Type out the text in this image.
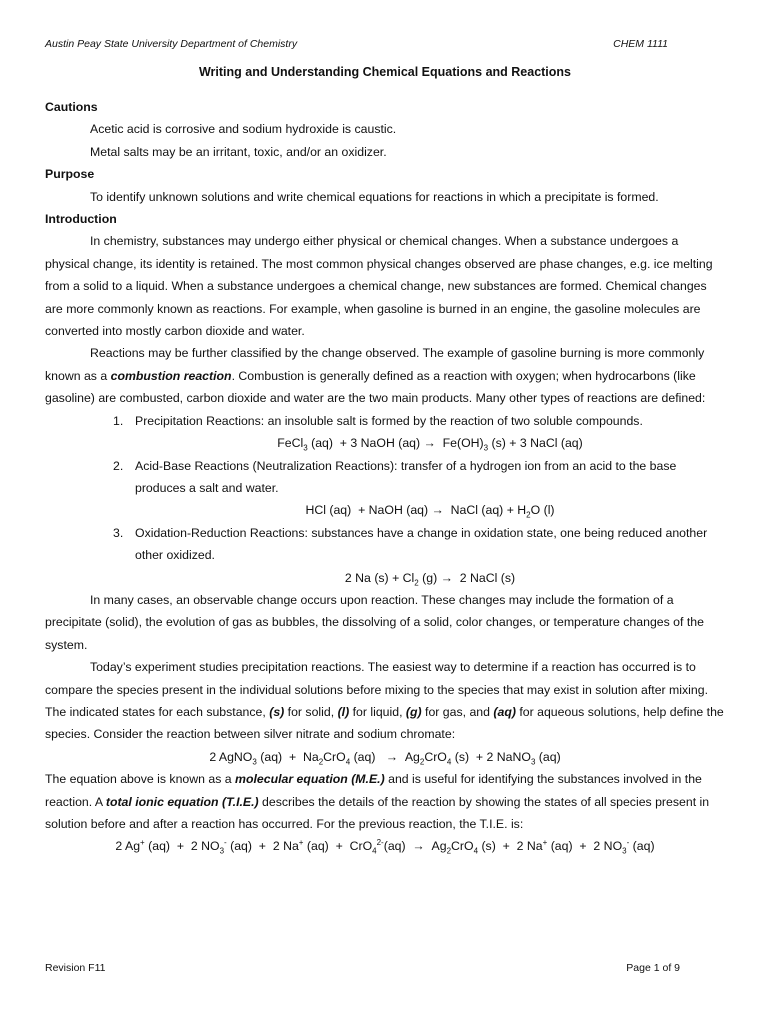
Austin Peay State University Department of Chemistry	CHEM 1111
Writing and Understanding Chemical Equations and Reactions
Cautions
Acetic acid is corrosive and sodium hydroxide is caustic.
Metal salts may be an irritant, toxic, and/or an oxidizer.
Purpose
To identify unknown solutions and write chemical equations for reactions in which a precipitate is formed.
Introduction
In chemistry, substances may undergo either physical or chemical changes. When a substance undergoes a physical change, its identity is retained. The most common physical changes observed are phase changes, e.g. ice melting from a solid to a liquid. When a substance undergoes a chemical change, new substances are formed. Chemical changes are more commonly known as reactions. For example, when gasoline is burned in an engine, the gasoline molecules are converted into mostly carbon dioxide and water.
Reactions may be further classified by the change observed. The example of gasoline burning is more commonly known as a combustion reaction. Combustion is generally defined as a reaction with oxygen; when hydrocarbons (like gasoline) are combusted, carbon dioxide and water are the two main products. Many other types of reactions are defined:
1. Precipitation Reactions: an insoluble salt is formed by the reaction of two soluble compounds.
FeCl$_3$ (aq)  + 3 NaOH $(aq) \to Fe(OH)_3$ (s) + 3 NaCl (aq)
2. Acid-Base Reactions (Neutralization Reactions): transfer of a hydrogen ion from an acid to the base produces a salt and water.
HCl (aq)  + NaOH (aq) →  NaCl $(aq) + H_2O$ (l)
3. Oxidation-Reduction Reactions: substances have a change in oxidation state, one being reduced another other oxidized.
2 Na $(s) + Cl_2$ (g) →  2 NaCl (s)
In many cases, an observable change occurs upon reaction. These changes may include the formation of a precipitate (solid), the evolution of gas as bubbles, the dissolving of a solid, color changes, or temperature changes of the system.
Today’s experiment studies precipitation reactions. The easiest way to determine if a reaction has occurred is to compare the species present in the individual solutions before mixing to the species that may exist in solution after mixing. The indicated states for each substance, (s) for solid, (l) for liquid, (g) for gas, and (aq) for aqueous solutions, help define the species. Consider the reaction between silver nitrate and sodium chromate:
2 AgNO$_3$ $(aq) + Na_2CrO_4$ $(aq) \to Ag_2CrO_4$ (s)  + 2 NaNO$_3$ (aq)
The equation above is known as a molecular equation (M.E.) and is useful for identifying the substances involved in the reaction. A total ionic equation (T.I.E.) describes the details of the reaction by showing the states of all species present in solution before and after a reaction has occurred. For the previous reaction, the T.I.E. is:
2 Ag+ (aq)  +  2 $NO_3^-$ (aq)  +  2 Na+ $(aq) + CrO_4^{2-}(aq) \to Ag_2CrO_4$ (s)  +  2 Na+ (aq)  +  2 $NO_3^-$ (aq)
Revision F11	Page 1 of 9
